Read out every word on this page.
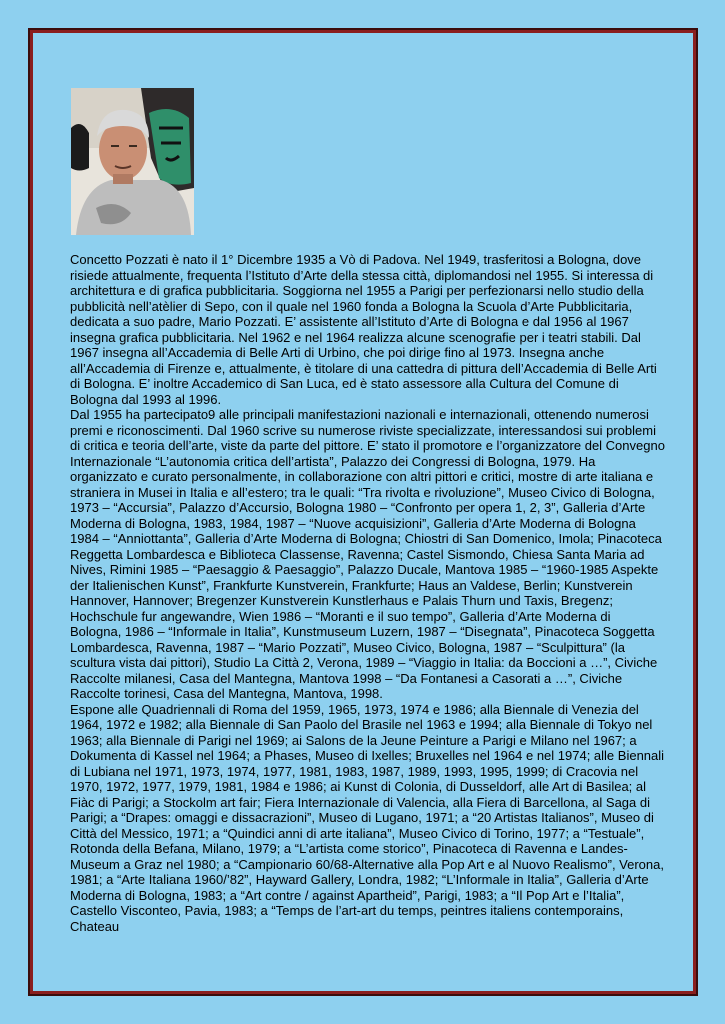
Concetto Pozzati è nato il 1° Dicembre 1935 a Vò di Padova. Nel 1949, trasferitosi a Bologna, dove risiede attualmente, frequenta l’Istituto d’Arte della stessa città, diplomandosi nel 1955. Si interessa di architettura e di grafica pubblicitaria. Soggiorna nel 1955 a Parigi per perfezionarsi nello studio della pubblicità nell’atèlier di Sepo, con il quale nel 1960 fonda a Bologna la Scuola d’Arte Pubblicitaria, dedicata a suo padre, Mario Pozzati. E’ assistente all’Istituto d’Arte di Bologna e dal 1956 al 1967 insegna grafica pubblicitaria. Nel 1962 e nel 1964 realizza alcune scenografie per i teatri stabili. Dal 1967 insegna all’Accademia di Belle Arti di Urbino, che poi dirige fino al 1973. Insegna anche all’Accademia di Firenze e, attualmente, è titolare di una cattedra di pittura dell’Accademia di Belle Arti di Bologna. E’ inoltre Accademico di San Luca, ed è stato assessore alla Cultura del Comune di Bologna dal 1993 al 1996.

Dal 1955 ha partecipato9 alle principali manifestazioni nazionali e internazionali, ottenendo numerosi premi e riconoscimenti. Dal 1960 scrive su numerose riviste specializzate, interessandosi sui problemi di critica e teoria dell’arte, viste da parte del pittore. E’ stato il promotore e l’organizzatore del Convegno Internazionale “L’autonomia critica dell’artista”, Palazzo dei Congressi di Bologna, 1979. Ha organizzato e curato personalmente, in collaborazione con altri pittori e critici, mostre di arte italiana e straniera in Musei in Italia e all’estero; tra le quali: “Tra rivolta e rivoluzione”, Museo Civico di Bologna, 1973 – “Accursia”, Palazzo d’Accursio, Bologna 1980 – “Confronto per opera 1, 2, 3”, Galleria d’Arte Moderna di Bologna, 1983, 1984, 1987 – “Nuove acquisizioni”, Galleria d’Arte Moderna di Bologna 1984 – “Anniottanta”, Galleria d’Arte Moderna di Bologna; Chiostri di San Domenico, Imola; Pinacoteca Reggetta Lombardesca e Biblioteca Classense, Ravenna; Castel Sismondo, Chiesa Santa Maria ad Nives, Rimini 1985 – “Paesaggio & Paesaggio”, Palazzo Ducale, Mantova 1985 – “1960-1985 Aspekte der Italienischen Kunst”, Frankfurte Kunstverein, Frankfurte; Haus an Valdese, Berlin; Kunstverein Hannover, Hannover; Bregenzer Kunstverein Kunstlerhaus e Palais Thurn und Taxis, Bregenz; Hochschule fur angewandre, Wien 1986 – “Moranti e il suo tempo”, Galleria d’Arte Moderna di Bologna, 1986 – “Informale in Italia”, Kunstmuseum Luzern, 1987 – “Disegnata”, Pinacoteca Soggetta Lombardesca, Ravenna, 1987 – “Mario Pozzati”, Museo Civico, Bologna, 1987 – “Sculpittura” (la scultura vista dai pittori), Studio La Città 2, Verona, 1989 – “Viaggio in Italia: da Boccioni a …”, Civiche Raccolte milanesi, Casa del Mantegna, Mantova 1998 – “Da Fontanesi a Casorati a …”, Civiche Raccolte torinesi, Casa del Mantegna, Mantova, 1998.

Espone alle Quadriennali di Roma del 1959, 1965, 1973, 1974 e 1986; alla Biennale di Venezia del 1964, 1972 e 1982; alla Biennale di San Paolo del Brasile nel 1963 e 1994; alla Biennale di Tokyo nel 1963; alla Biennale di Parigi nel 1969; ai Salons de la Jeune Peinture a Parigi e Milano nel 1967; a Dokumenta di Kassel nel 1964; a Phases, Museo di Ixelles; Bruxelles nel 1964 e nel 1974; alle Biennali di Lubiana nel 1971, 1973, 1974, 1977, 1981, 1983, 1987, 1989, 1993, 1995, 1999; di Cracovia nel 1970, 1972, 1977, 1979, 1981, 1984 e 1986; ai Kunst di Colonia, di Dusseldorf, alle Art di Basilea; al Fiàc di Parigi; a Stockolm art fair; Fiera Internazionale di Valencia, alla Fiera di Barcellona, al Saga di Parigi; a “Drapes: omaggi e dissacrazioni”, Museo di Lugano, 1971; a “20 Artistas Italianos”, Museo di Città del Messico, 1971; a “Quindici anni di arte italiana”, Museo Civico di Torino, 1977; a “Testuale”, Rotonda della Befana, Milano, 1979; a “L’artista come storico”, Pinacoteca di Ravenna e Landes-Museum a Graz nel 1980; a “Campionario 60/68-Alternative alla Pop Art e al Nuovo Realismo”, Verona, 1981; a “Arte Italiana 1960/’82”, Hayward Gallery, Londra, 1982; “L’Informale in Italia”, Galleria d’Arte Moderna di Bologna, 1983; a “Art contre / against Apartheid”, Parigi, 1983; a “Il Pop Art e l’Italia”, Castello Visconteo, Pavia, 1983; a “Temps de l’art-art du temps, peintres italiens contemporains, Chateau
